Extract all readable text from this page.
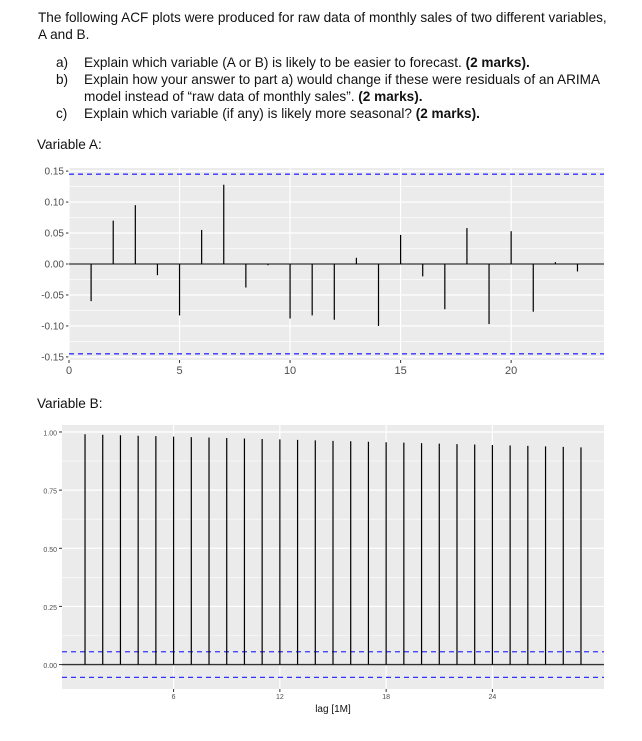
The following ACF plots were produced for raw data of monthly sales of two different variables, A and B.
a) Explain which variable (A or B) is likely to be easier to forecast. (2 marks).
b) Explain how your answer to part a) would change if these were residuals of an ARIMA model instead of “raw data of monthly sales”. (2 marks).
c) Explain which variable (if any) is likely more seasonal? (2 marks).
Variable A:
Variable B:
0.15
0.10
0.05
0.00
-0.05
-0.10
-0.15
0	5	10	15	20
1.00
0.75
0.50
0.25
0.00
6	12	18	24
lag [1M]
